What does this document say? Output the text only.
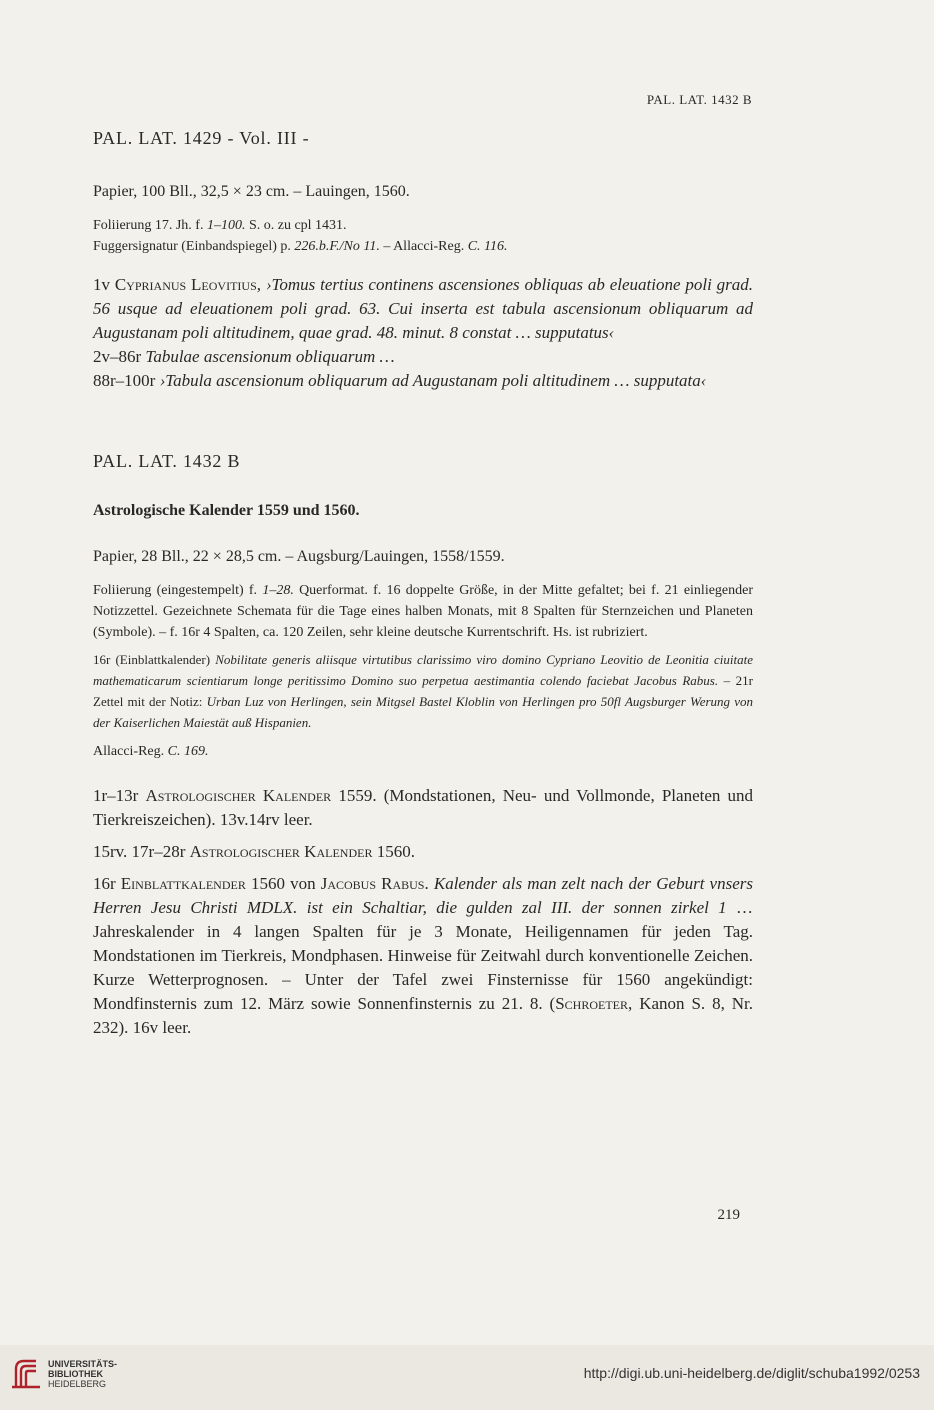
PAL. LAT. 1432 B

PAL. LAT. 1429 - Vol. III -

Papier, 100 Bll., 32,5 × 23 cm. – Lauingen, 1560.

Foliierung 17. Jh. f. 1–100. S. o. zu cpl 1431.

Fuggersignatur (Einbandspiegel) p. 226.b.F./No 11. – Allacci-Reg. C. 116.

1v Cyprianus Leovitius, ›Tomus tertius continens ascensiones obliquas ab eleuatione poli grad. 56 usque ad eleuationem poli grad. 63. Cui inserta est tabula ascensionum obliquarum ad Augustanam poli altitudinem, quae grad. 48. minut. 8 constat … supputatus‹

2v–86r Tabulae ascensionum obliquarum …

88r–100r ›Tabula ascensionum obliquarum ad Augustanam poli altitudinem … supputata‹

PAL. LAT. 1432 B

Astrologische Kalender 1559 und 1560.

Papier, 28 Bll., 22 × 28,5 cm. – Augsburg/Lauingen, 1558/1559.

Foliierung (eingestempelt) f. 1–28. Querformat. f. 16 doppelte Größe, in der Mitte gefaltet; bei f. 21 einliegender Notizzettel. Gezeichnete Schemata für die Tage eines halben Monats, mit 8 Spalten für Sternzeichen und Planeten (Symbole). – f. 16r 4 Spalten, ca. 120 Zeilen, sehr kleine deutsche Kurrentschrift. Hs. ist rubriziert.

16r (Einblattkalender) Nobilitate generis aliisque virtutibus clarissimo viro domino Cypriano Leovitio de Leonitia ciuitate mathematicarum scientiarum longe peritissimo Domino suo perpetua aestimantia colendo faciebat Jacobus Rabus. – 21r Zettel mit der Notiz: Urban Luz von Herlingen, sein Mitgsel Bastel Kloblin von Herlingen pro 50fl Augsburger Werung von der Kaiserlichen Maiestät auß Hispanien.

Allacci-Reg. C. 169.

1r–13r Astrologischer Kalender 1559. (Mondstationen, Neu- und Vollmonde, Planeten und Tierkreiszeichen). 13v.14rv leer.

15rv. 17r–28r Astrologischer Kalender 1560.

16r Einblattkalender 1560 von Jacobus Rabus. Kalender als man zelt nach der Geburt vnsers Herren Jesu Christi MDLX. ist ein Schaltiar, die gulden zal III. der sonnen zirkel 1 … Jahreskalender in 4 langen Spalten für je 3 Monate, Heiligennamen für jeden Tag. Mondstationen im Tierkreis, Mondphasen. Hinweise für Zeitwahl durch konventionelle Zeichen. Kurze Wetterprognosen. – Unter der Tafel zwei Finsternisse für 1560 angekündigt: Mondfinsternis zum 12. März sowie Sonnenfinsternis zu 21. 8. (Schroeter, Kanon S. 8, Nr. 232). 16v leer.

219
UNIVERSITÄTS-
BIBLIOTHEK
HEIDELBERG
http://digi.ub.uni-heidelberg.de/diglit/schuba1992/0253
